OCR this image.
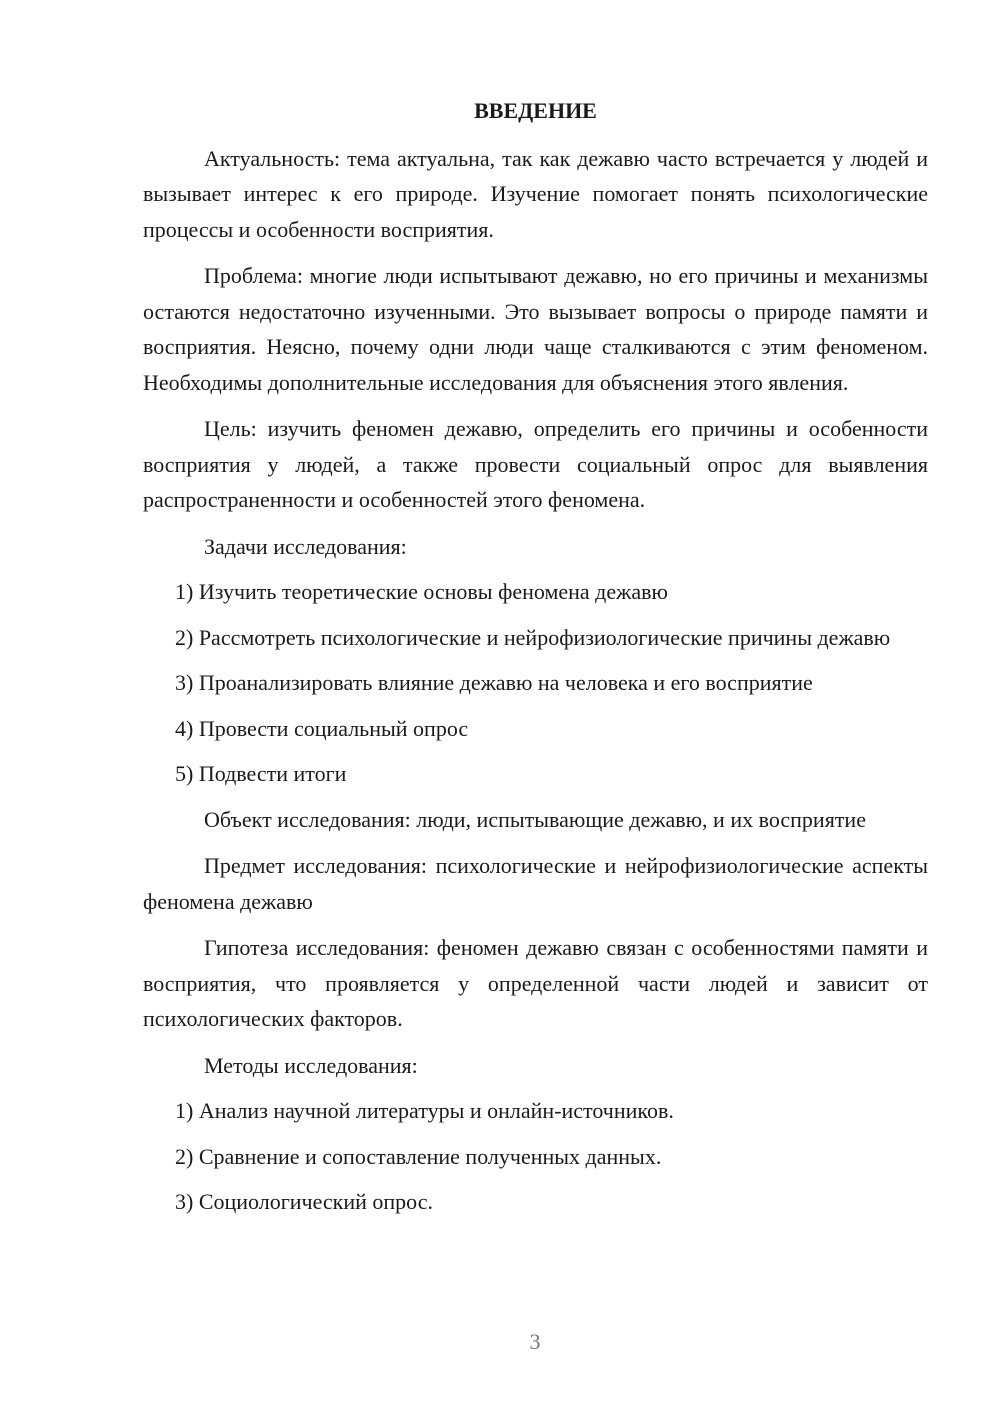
ВВЕДЕНИЕ
Актуальность: тема актуальна, так как дежавю часто встречается у людей и вызывает интерес к его природе. Изучение помогает понять психологические процессы и особенности восприятия.
Проблема: многие люди испытывают дежавю, но его причины и механизмы остаются недостаточно изученными. Это вызывает вопросы о природе памяти и восприятия. Неясно, почему одни люди чаще сталкиваются с этим феноменом. Необходимы дополнительные исследования для объяснения этого явления.
Цель: изучить феномен дежавю, определить его причины и особенности восприятия у людей, а также провести социальный опрос для выявления распространенности и особенностей этого феномена.
Задачи исследования:
1) Изучить теоретические основы феномена дежавю
2) Рассмотреть психологические и нейрофизиологические причины дежавю
3) Проанализировать влияние дежавю на человека и его восприятие
4) Провести социальный опрос
5) Подвести итоги
Объект исследования: люди, испытывающие дежавю, и их восприятие
Предмет исследования: психологические и нейрофизиологические аспекты феномена дежавю
Гипотеза исследования: феномен дежавю связан с особенностями памяти и восприятия, что проявляется у определенной части людей и зависит от психологических факторов.
Методы исследования:
1) Анализ научной литературы и онлайн-источников.
2) Сравнение и сопоставление полученных данных.
3) Социологический опрос.
3
